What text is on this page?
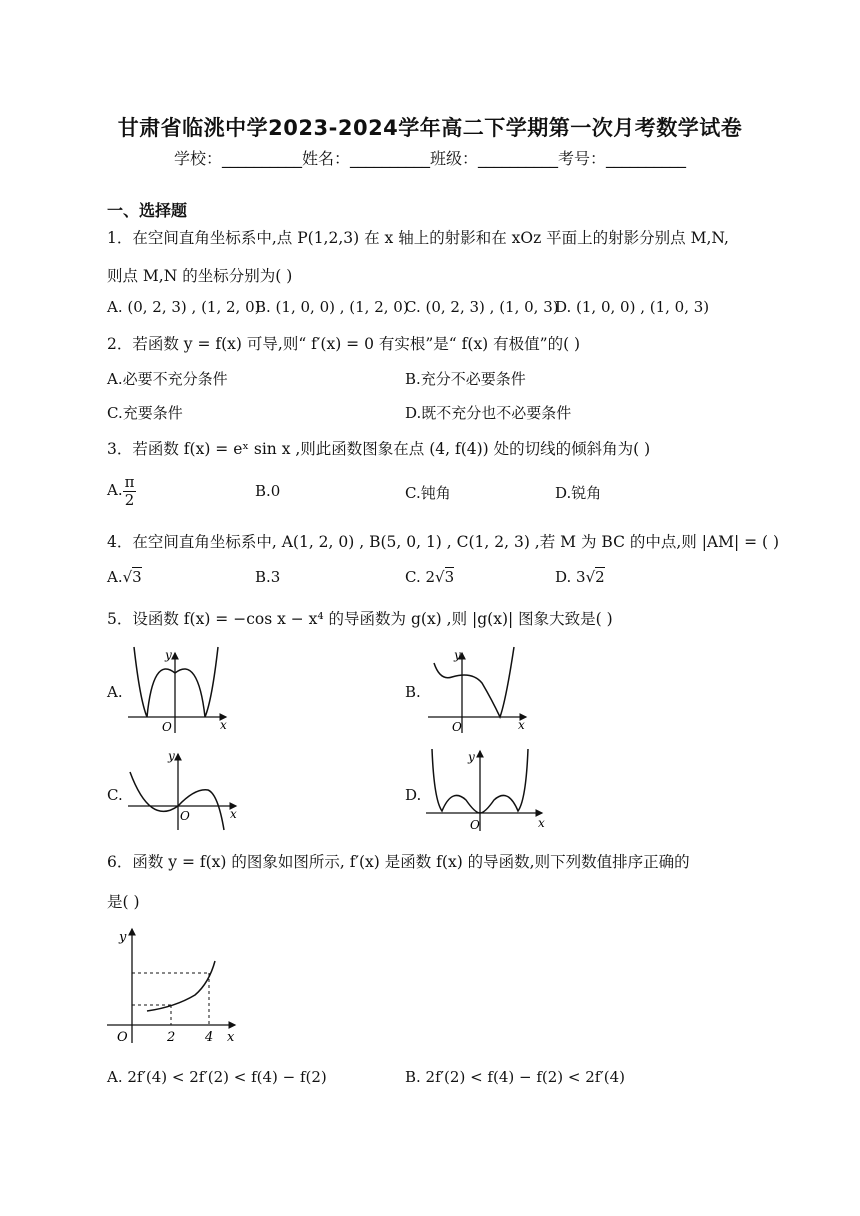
甘肃省临洮中学2023-2024学年高二下学期第一次月考数学试卷
学校：__________姓名：__________班级：__________考号：__________
一、选择题
1．在空间直角坐标系中,点 P(1,2,3) 在 x 轴上的射影和在 xOz 平面上的射影分别点 M,N,
则点 M,N 的坐标分别为( )
A. (0, 2, 3) , (1, 2, 0)
B. (1, 0, 0) , (1, 2, 0)
C. (0, 2, 3) , (1, 0, 3)
D. (1, 0, 0) , (1, 0, 3)
2．若函数 y = f(x) 可导,则“ f′(x) = 0 有实根”是“ f(x) 有极值”的( )
A.必要不充分条件	B.充分不必要条件
C.充要条件	D.既不充分也不必要条件
3．若函数 f(x) = eˣ sin x ,则此函数图象在点 (4, f(4)) 处的切线的倾斜角为( )
A. $\frac{\pi}{2}$	B.0	C.钝角	D.锐角
4．在空间直角坐标系中, A(1, 2, 0) , B(5, 0, 1) , C(1, 2, 3) ,若 M 为 BC 的中点,则 |AM| = ( )
A.√3	B.3	C. 2√3	D. 3√2
5．设函数 f(x) = −cos x − x⁴ 的导函数为 g(x) ,则 |g(x)| 图象大致是( )
A.
O
y
x
B.
O
y
x
C.
O
y
x
D.
O
y
x
6．函数 y = f(x) 的图象如图所示, f′(x) 是函数 f(x) 的导函数,则下列数值排序正确的
是( )
O
y
x
2 4
A. 2f′(4) < 2f′(2) < f(4) − f(2)	B. 2f′(2) < f(4) − f(2) < 2f′(4)
